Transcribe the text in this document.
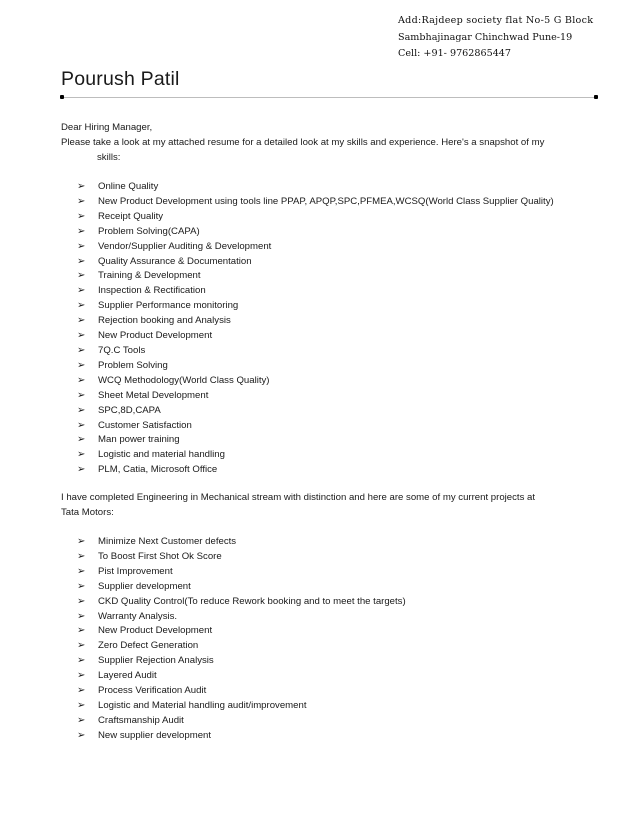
Add:Rajdeep society flat No-5 G Block
Sambhajinagar Chinchwad Pune-19
Cell: +91- 9762865447
Pourush Patil
Dear Hiring Manager,
Please take a look at my attached resume for a detailed look at my skills and experience. Here's a snapshot of my
skills:
➢ Online Quality
➢ New Product Development using tools line PPAP, APQP,SPC,PFMEA,WCSQ(World Class Supplier Quality)
➢ Receipt Quality
➢ Problem Solving(CAPA)
➢ Vendor/Supplier Auditing & Development
➢ Quality Assurance & Documentation
➢ Training & Development
➢ Inspection & Rectification
➢ Supplier Performance monitoring
➢ Rejection booking and Analysis
➢ New Product Development
➢ 7Q.C Tools
➢ Problem Solving
➢ WCQ Methodology(World Class Quality)
➢ Sheet Metal Development
➢ SPC,8D,CAPA
➢ Customer Satisfaction
➢ Man power training
➢ Logistic and material handling
➢ PLM, Catia, Microsoft Office
I have completed Engineering in Mechanical stream with distinction and here are some of my current projects at
Tata Motors:
➢ Minimize Next Customer defects
➢ To Boost First Shot Ok Score
➢ Pist Improvement
➢ Supplier development
➢ CKD Quality Control(To reduce Rework booking and to meet the targets)
➢ Warranty Analysis.
➢ New Product Development
➢ Zero Defect Generation
➢ Supplier Rejection Analysis
➢ Layered Audit
➢ Process Verification Audit
➢ Logistic and Material handling audit/improvement
➢ Craftsmanship Audit
➢ New supplier development
